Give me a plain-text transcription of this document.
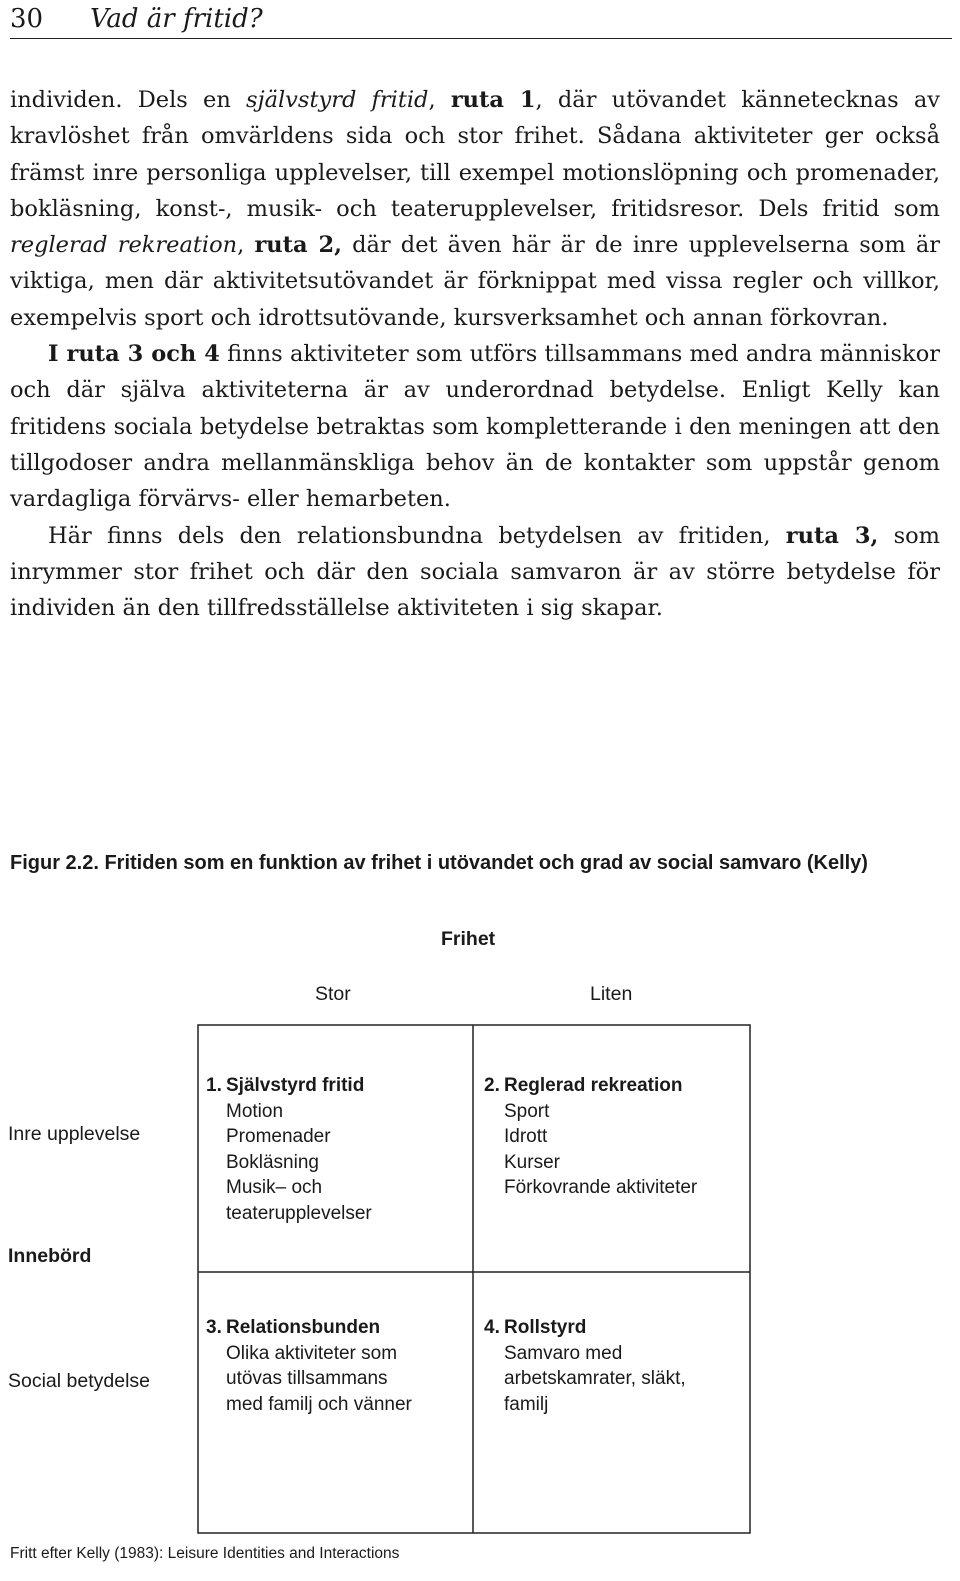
30 Vad är fritid?

individen. Dels en självstyrd fritid, ruta 1, där utövandet kännetecknas av kravlöshet från omvärldens sida och stor frihet. Sådana aktiviteter ger också främst inre personliga upplevelser, till exempel motionslöpning och promenader, bokläsning, konst-, musik- och teaterupplevelser, fritidsresor. Dels fritid som reglerad rekreation, ruta 2, där det även här är de inre upplevelserna som är viktiga, men där aktivitetsutövandet är förknippat med vissa regler och villkor, exempelvis sport och idrottsutövande, kursverksamhet och annan förkovran.

I ruta 3 och 4 finns aktiviteter som utförs tillsammans med andra människor och där själva aktiviteterna är av underordnad betydelse. Enligt Kelly kan fritidens sociala betydelse betraktas som kompletterande i den meningen att den tillgodoser andra mellanmänskliga behov än de kontakter som uppstår genom vardagliga förvärvs- eller hemarbeten.

Här finns dels den relationsbundna betydelsen av fritiden, ruta 3, som inrymmer stor frihet och där den sociala samvaron är av större betydelse för individen än den tillfredsställelse aktiviteten i sig skapar.

Figur 2.2. Fritiden som en funktion av frihet i utövandet och grad av social samvaro (Kelly)

Frihet
Stor	Liten
Inre upplevelse
Innebörd
Social betydelse
1. Självstyrd fritid
Motion
Promenader
Bokläsning
Musik– och
teaterupplevelser
2. Reglerad rekreation
Sport
Idrott
Kurser
Förkovrande aktiviteter
3. Relationsbunden
Olika aktiviteter som
utövas tillsammans
med familj och vänner
4. Rollstyrd
Samvaro med
arbetskamrater, släkt,
familj
Fritt efter Kelly (1983): Leisure Identities and Interactions
